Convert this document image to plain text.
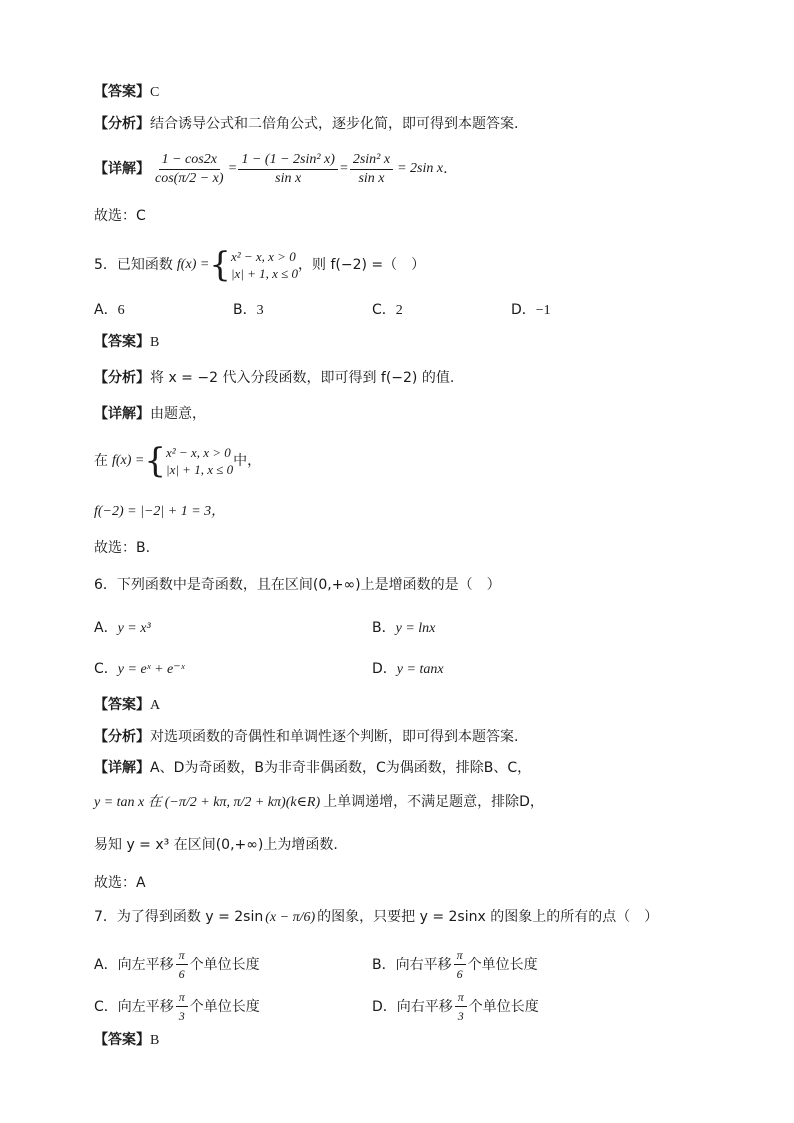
【答案】C
【分析】结合诱导公式和二倍角公式，逐步化简，即可得到本题答案.
【详解】 $\frac{1 - \cos 2x}{\cos(\pi/2 - x)} = \frac{\text{1 − (1 − 2sin² x)}}{\text{sin x}} = \frac{\text{2sin² x}}{\text{sin x}} = 2\sin$ x .
故选：C
5．已知函数 f(x) = { x² − x, x > 0
|x| + 1, x ≤ 0
，则 f(−2) =（　）
A．6	B．3	C．2	D．−1
【答案】B
【分析】将 x = −2 代入分段函数，即可得到 f(−2) 的值.
【详解】由题意，
在 f(x) = { x² − x, x > 0
|x| + 1, x ≤ 0
中，
f(−2) = |−2| + 1 = 3，
故选：B.
6．下列函数中是奇函数，且在区间(0,+∞)上是增函数的是（　）
A．y = x³	B．y = lnx
C．y = eˣ + e⁻ˣ	D．y = tanx
【答案】A
【分析】对选项函数的奇偶性和单调性逐个判断，即可得到本题答案.
【详解】A、D为奇函数，B为非奇非偶函数，C为偶函数，排除B、C，
y = tan x 在 (−π/2 + kπ, π/2 + kπ)(k∈R) 上单调递增，不满足题意，排除D，
易知 y = x³ 在区间(0,+∞)上为增函数.
故选：A
7．为了得到函数 y = 2sin (x − π/6) 的图象，只要把 y = 2sinx 的图象上的所有的点（　）
A． 向左平移 $\frac{\pi}{6}$ 个单位长度	B． 向右平移 $\frac{\pi}{6}$ 个单位长度
C． 向左平移 $\frac{\pi}{3}$ 个单位长度	D． 向右平移 $\frac{\pi}{3}$ 个单位长度
【答案】B
